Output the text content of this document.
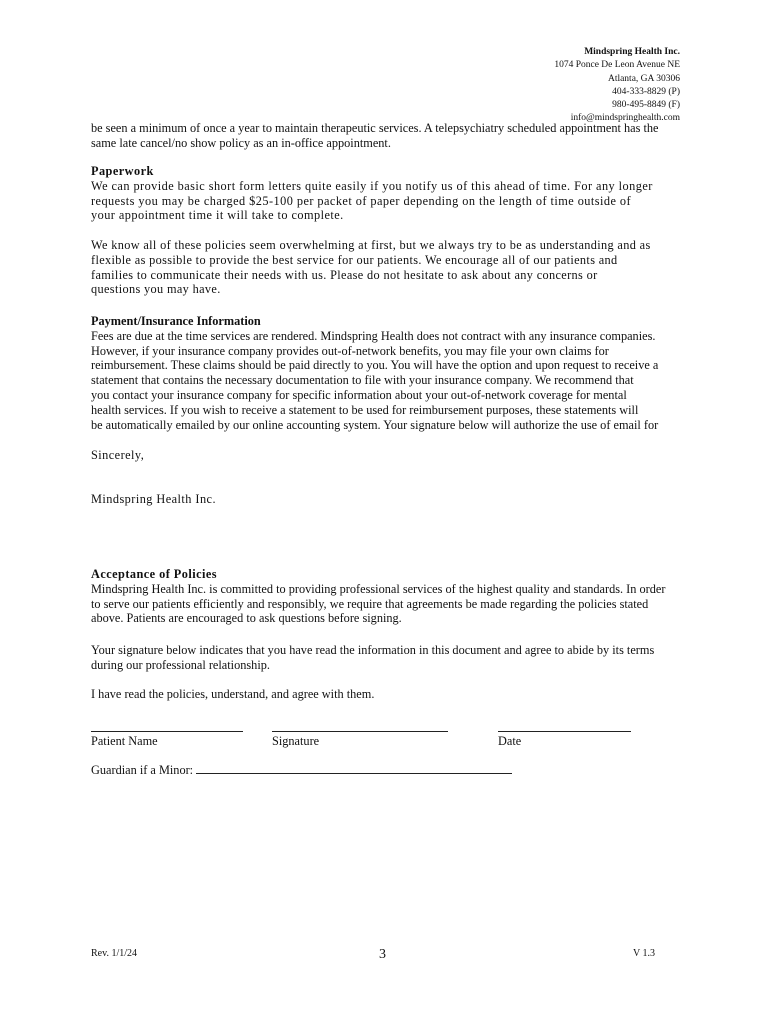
Mindspring Health Inc.
1074 Ponce De Leon Avenue NE
Atlanta, GA 30306
404-333-8829 (P)
980-495-8849 (F)
info@mindspringhealth.com

be seen a minimum of once a year to maintain therapeutic services. A telepsychiatry scheduled appointment has the

same late cancel/no show policy as an in-office appointment.

Paperwork

We can provide basic short form letters quite easily if you notify us of this ahead of time. For any longer

requests you may be charged $25-100 per packet of paper depending on the length of time outside of

your appointment time it will take to complete.

We know all of these policies seem overwhelming at first, but we always try to be as understanding and as

flexible as possible to provide the best service for our patients. We encourage all of our patients and

families to communicate their needs with us. Please do not hesitate to ask about any concerns or

questions you may have.

Payment/Insurance Information

Fees are due at the time services are rendered. Mindspring Health does not contract with any insurance companies.

However, if your insurance company provides out-of-network benefits, you may file your own claims for

reimbursement. These claims should be paid directly to you. You will have the option and upon request to receive a

statement that contains the necessary documentation to file with your insurance company. We recommend that

you contact your insurance company for specific information about your out-of-network coverage for mental

health services. If you wish to receive a statement to be used for reimbursement purposes, these statements will

be automatically emailed by our online accounting system. Your signature below will authorize the use of email for

Sincerely,
Mindspring Health Inc.

Acceptance of Policies

Mindspring Health Inc. is committed to providing professional services of the highest quality and standards. In order

to serve our patients efficiently and responsibly, we require that agreements be made regarding the policies stated

above. Patients are encouraged to ask questions before signing.

Your signature below indicates that you have read the information in this document and agree to abide by its terms

during our professional relationship.

I have read the policies, understand, and agree with them.
Patient Name	Signature	Date
Guardian if a Minor:
Rev. 1/1/24	3	V 1.3
